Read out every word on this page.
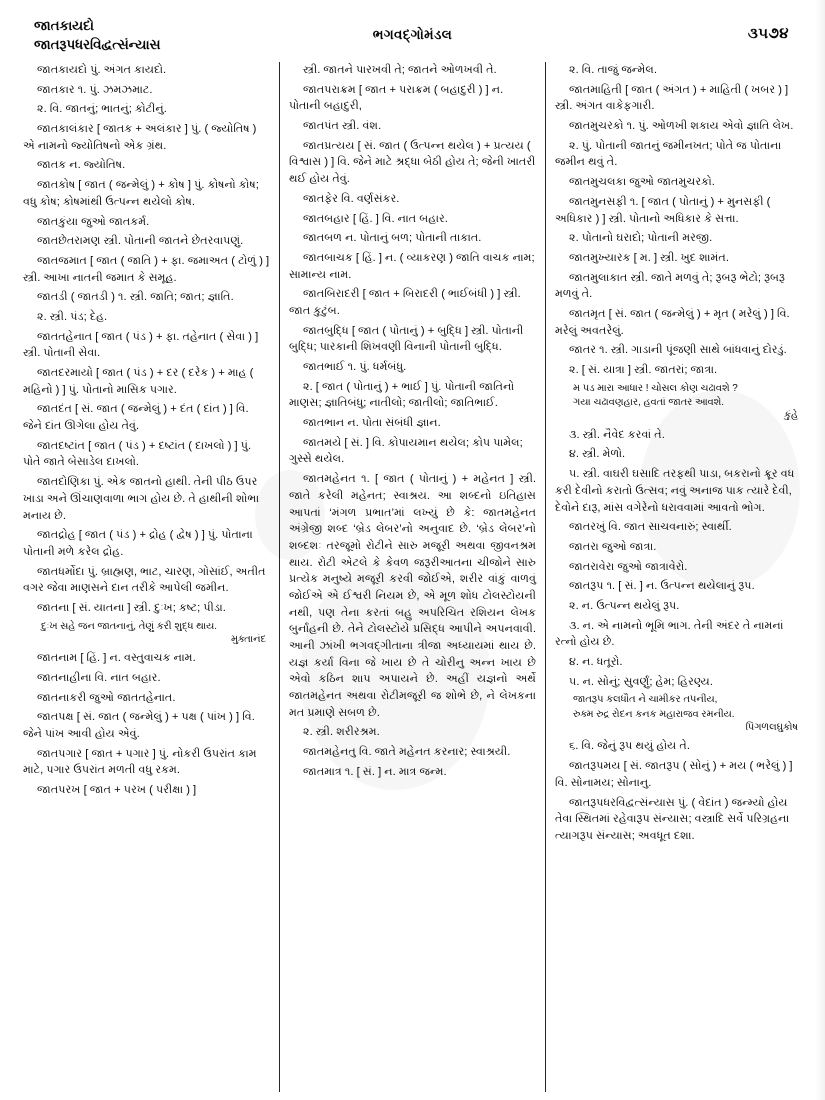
જાતકાયદો
જાતરૂપધરવિદ્વત્સંન્યાસ
ભગવદ્ગોમંડલ	૩૫૭૪
જાતકાયદો પું. અંગત કાયદો.
જાતકાર ૧. પું. ઝમઝમાટ.
૨. વિ. જાતનું; ભાતનું; કોટીનું.
જાતકાલંકાર [ જાતક + અલંકાર ] પું. ( જ્યોતિષ ) એ નામનો જ્યોતિષનો એક ગ્રંથ.
જાતક ન. જ્યોતિષ.
જાતકોષ [ જાત ( જન્મેલું ) + કોષ ] પું. કોષનો કોષ; વધુ કોષ; કોષમાંથી ઉત્પન્ન થયેલો કોષ.
જાતકુંયા જુઓ જાતકર્મ.
જાતછેતરામણ સ્ત્રી. પોતાની જાતને છેતરવાપણું.
જાતજમાત [ જાત ( જાતિ ) + ફા. જમાઅત ( ટોળું ) ] સ્ત્રી. આખા નાતની જમાત કે સમૂહ.
જાતડી ( જાતડી ) ૧. સ્ત્રી. જાતિ; જાત; જ્ઞાતિ.
૨. સ્ત્રી. પંડ; દેહ.
જાતતહેનાત [ જાત ( પંડ ) + ફા. તહેનાત ( સેવા ) ] સ્ત્રી. પોતાની સેવા.
જાતદરમાયો [ જાત ( પંડ ) + દર ( દરેક ) + માહ ( મહિનો ) ] પું. પોતાનો માસિક પગાર.
જાતદંત [ સં. જાત ( જન્મેલું ) + દંત ( દાંત ) ] વિ. જેને દાંત ઊગેલા હોય તેવું.
જાતદષ્ટાંત [ જાત ( પંડ ) + દષ્ટાંત ( દાખલો ) ] પું. પોતે જાતે બેસાડેલ દાખલો.
જાતદોણિકા પું. એક જાતનો હાથી. તેની પીઠ ઉપર ખાડા અને ઊંચાણવાળા ભાગ હોય છે. તે હાથીની શોભા મનાય છે.
જાતદ્રોહ [ જાત ( પંડ ) + દ્રોહ ( દ્વેષ ) ] પું. પોતાના પોતાની મળે કરેલ દ્રોહ.
જાતધર્મોદા પું. બ્રાહ્મણ, ભાટ, ચારણ, ગોસાંઈ, અતીત વગર જેવા માણસને દાન તરીકે આપેલી જમીન.
જાતના [ સં. યાતના ] સ્ત્રી. દુઃખ; કષ્ટ; પીડા.
દુઃખ સહે જન જાતનાનું, તેણું કરી શુદ્ધ થાય.
મુક્તાનંદ
જાતનામ [ હિં. ] ન. વસ્તુવાચક નામ.
જાતનાહીના વિ. નાત બહાર.
જાતનાકરી જુઓ જાતતહેનાત.
જાતપક્ષ [ સં. જાત ( જન્મેલું ) + પક્ષ ( પાંખ ) ] વિ. જેને પાંખ આવી હોય એવું.
જાતપગાર [ જાત + પગાર ] પું. નોકરી ઉપરાંત કામ માટે, પગાર ઉપરાંત મળતી વધુ રકમ.
જાતપરખ [ જાત + પરખ ( પરીક્ષા ) ]
સ્ત્રી. જાતને પારખવી તે; જાતને ઓળખવી તે.
જાતપરાક્રમ [ જાત + પરાક્રમ ( બહાદુરી ) ] ન. પોતાની બહાદુરી,
જાતપંત સ્ત્રી. વંશ.
જાતપ્રત્યય [ સં. જાત ( ઉત્પન્ન થયેલ ) + પ્રત્યય ( વિશ્વાસ ) ] વિ. જેને માટે શ્રદ્ધા બેઠી હોય તે; જેની ખાતરી થઈ હોય તેવું.
જાતફેર વિ. વર્ણસંકર.
જાતબહાર [ હિં. ] વિ. નાત બહાર.
જાતબળ ન. પોતાનું બળ; પોતાની તાકાત.
જાતબાચક [ હિં. ] ન. ( વ્યાકરણ ) જાતિ વાચક નામ; સામાન્ય નામ.
જાતબિરાદરી [ જાત + બિરાદરી ( ભાઈબંધી ) ] સ્ત્રી. જાત કુટુંબ.
જાતબુદ્ધિ [ જાત ( પોતાનું ) + બુદ્ધિ ] સ્ત્રી. પોતાની બુદ્ધિ; પારકાની શિખવણી વિનાની પોતાની બુદ્ધિ.
જાતભાઈ ૧. પું. ધર્મબંધુ.
૨. [ જાત ( પોતાનું ) + ભાઈ ] પું. પોતાની જાતિનો માણસ; જ્ઞાતિબંધુ; નાતીલો; જાતીલો; જાતિભાઈ.
જાતભાન ન. પોતા સંબંધી જ્ઞાન.
જાતમયે [ સં. ] વિ. કોપાયમાન થયેલ; કોપ પામેલ; ગુસ્સે થયેલ.
જાતમહેનત ૧. [ જાત ( પોતાનું ) + મહેનત ] સ્ત્રી. જાતે કરેલી મહેનત; સ્વાશ્રય. આ શબ્દનો ઇતિહાસ આપતાં ‘મંગળ પ્રભાત’માં લખ્યું છે કે: જાતમહેનત અંગ્રેજી શબ્દ ‘બ્રેડ લેબર’નો અનુવાદ છે. ‘બ્રેડ લેબર’નો શબ્દશઃ તરજૂમો રોટીને સારુ મજૂરી અથવા જીવનશ્રમ થાય. રોટી એટલે કે કેવળ જરૂરીઆતના ચીજોને સારુ પ્રત્યેક મનુષ્યે મજૂરી કરવી જોઈએ, શરીર વાંકું વાળવું જોઈએ એ ઈશ્વરી નિયમ છે, એ મૂળ શોધ ટોલસ્ટોયની નથી, પણ તેના કરતાં બહુ અપરિચિત રશિયન લેખક બુર્નાંહની છે. તેને ટોલસ્ટોયે પ્રસિદ્ધ આપીને અપનવાવી. આની ઝાંખી ભગવદ્ગીતાના ત્રીજા અધ્યાયમાં થાય છે. યજ્ઞ કર્યા વિના જે ખાય છે તે ચોરીનુ અન્ન ખાય છે એવો કઠિન શાપ અપાયને છે. અહીં યજ્ઞનો અર્થે જાતમહેનત અથવા રોટીમજૂરી જ શોભે છે, ને લેખકના મત પ્રમાણે સબળ છે.
૨. સ્ત્રી. શરીરશ્રમ.
જાતમહેનતુ વિ. જાતે મહેનત કરનાર; સ્વાશ્રયી.
જાતમાત્ર ૧. [ સં. ] ન. માત્ર જન્મ.
૨. વિ. તાજું જન્મેલ.
જાતમાહિતી [ જાત ( અંગત ) + માહિતી ( ખબર ) ] સ્ત્રી. અંગત વાકેફગારી.
જાતમુચરકો ૧. પું. ઓળખી શકાય એવો જ્ઞાતિ લેખ.
૨. પું. પોતાની જાતનું જમીનખત; પોતે જ પોતાના જમીન થવું તે.
જાતમુચલકા જુઓ જાતમુચરકો.
જાતમુનસફી ૧. [ જાત ( પોતાનું ) + મુનસફી ( અધિકાર ) ] સ્ત્રી. પોતાનો અધિકાર કે સત્તા.
૨. પોતાનો ઘરાદો; પોતાની મરજી.
જાતમુખ્યારક [ મ. ] સ્ત્રી. ખુદ શામંત.
જાતમુલાકાત સ્ત્રી. જાતે મળવું તે; રૂબરૂ ભેટો; રૂબરૂ મળવું તે.
જાતમૃત [ સં. જાત ( જન્મેલું ) + મૃત ( મરેલું ) ] વિ. મરેલું અવતરેલું.
જાતર ૧. સ્ત્રી. ગાડાની પૂંજણી સાથે બાંધવાનું દોરડું.
૨. [ સં. યાત્રા ] સ્ત્રી. જાતરાં; જાત્રા.
મ પડ મારા આધાર ! ચોસલ કોણ ચઢાવશે ?
ગયા ચઢાવણહાર, હવતાં જાતર આવશે.
કુંહે
૩. સ્ત્રી. નૈવેદ કરવાં તે.
૪. સ્ત્રી. મેળો.
૫. સ્ત્રી. વાઘરી ઘસાદિ તરફથી પાડા, બકરાનો ક્રૂર વધ કરી દેવીનો કરાતો ઉત્સવ; નવું અનાજ પાક ત્યારે દેવી, દેવોને દારૂ, માંસ વગેરેનો ધરાવવામાં આવતો ભોગ.
જાતરખું વિ. જાત સાચવનારું; સ્વાર્થી.
જાતરા જુઓ જાત્રા.
જાતરાવેરા જુઓ જાત્રાવેરો.
જાતરૂપ ૧. [ સં. ] ન. ઉત્પન્ન થયેલાનું રૂપ.
૨. ન. ઉત્પન્ન થયેલું રૂપ.
૩. ન. એ નામનો ભૂમિ ભાગ. તેની અંદર તે નામનાં રત્નો હોય છે.
૪. ન. ધતૂરો.
૫. ન. સોનું; સુવર્ણું; હેમ; હિરણ્ય.
જાતરૂપ કલધૌત ને ચામીકર તપનીય,
રુક્મ રુદ્ર રોદન કનક મહારાજવ રમનીય.
પિંગળલઘુકોષ
૬. વિ. જેનું રૂપ થયું હોય તે.
જાતરૂપમય [ સં. જાતરૂપ ( સોનું ) + મય ( ભરેલું ) ] વિ. સોનામય; સોનાનુ.
જાતરૂપધરવિદ્વત્સંન્યાસ પું. ( વેદાંત ) જન્મ્યો હોય તેવા સ્થિતમાં રહેવારૂપ સંન્યાસ; વસ્ત્રાદિ સર્વે પરિગ્રહના ત્યાગરૂપ સંન્યાસ; અવધૂત દશા.
